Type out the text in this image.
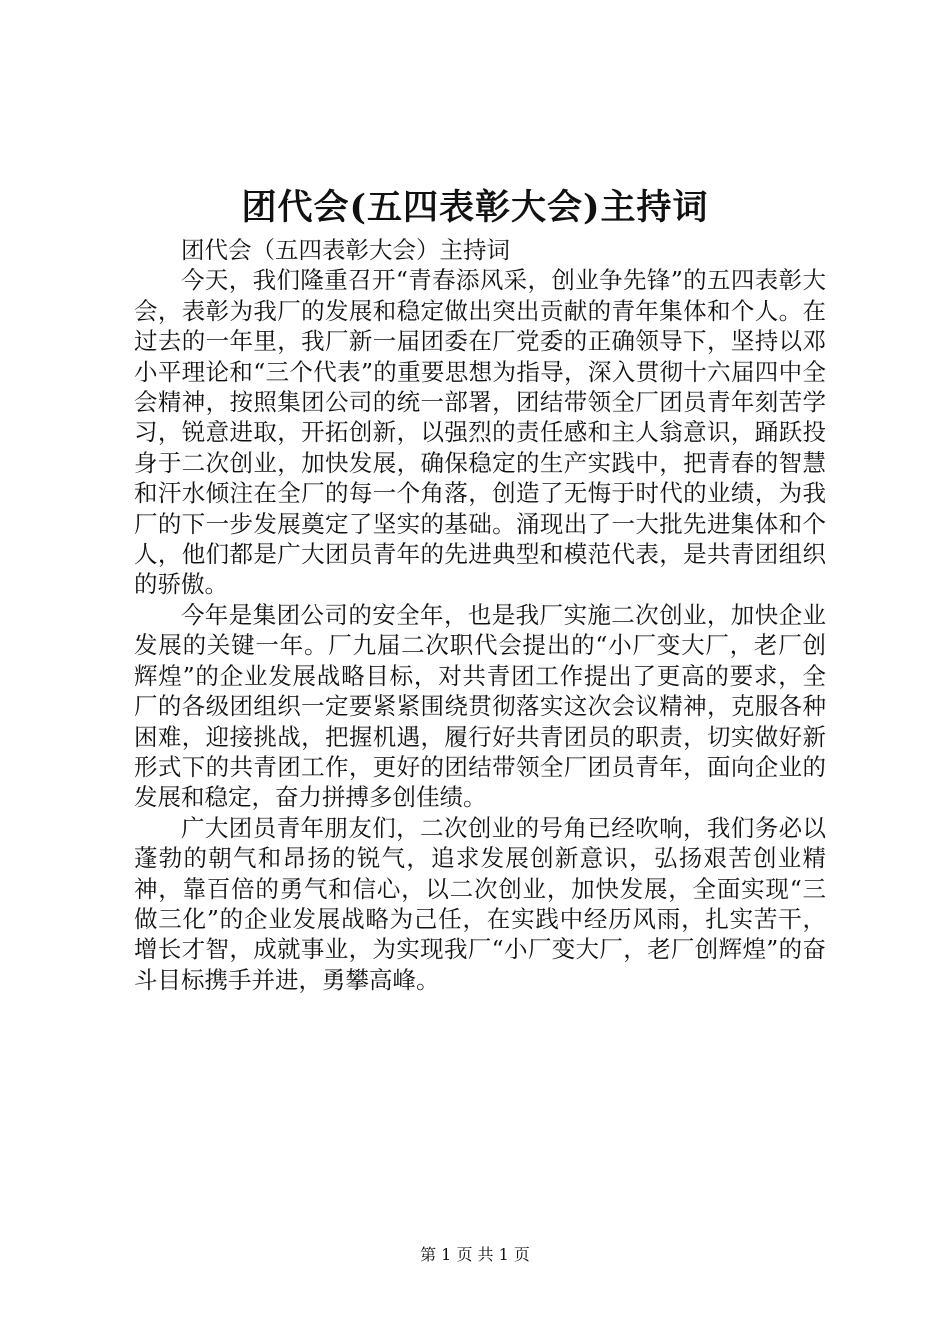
团代会(五四表彰大会)主持词

团代会（五四表彰大会）主持词

今天，我们隆重召开“青春添风采，创业争先锋”的五四表彰大会，表彰为我厂的发展和稳定做出突出贡献的青年集体和个人。在过去的一年里，我厂新一届团委在厂党委的正确领导下，坚持以邓小平理论和“三个代表”的重要思想为指导，深入贯彻十六届四中全会精神，按照集团公司的统一部署，团结带领全厂团员青年刻苦学习，锐意进取，开拓创新，以强烈的责任感和主人翁意识，踊跃投身于二次创业，加快发展，确保稳定的生产实践中，把青春的智慧和汗水倾注在全厂的每一个角落，创造了无悔于时代的业绩，为我厂的下一步发展奠定了坚实的基础。涌现出了一大批先进集体和个人，他们都是广大团员青年的先进典型和模范代表，是共青团组织的骄傲。

今年是集团公司的安全年，也是我厂实施二次创业，加快企业发展的关键一年。厂九届二次职代会提出的“小厂变大厂，老厂创辉煌”的企业发展战略目标，对共青团工作提出了更高的要求，全厂的各级团组织一定要紧紧围绕贯彻落实这次会议精神，克服各种困难，迎接挑战，把握机遇，履行好共青团员的职责，切实做好新形式下的共青团工作，更好的团结带领全厂团员青年，面向企业的发展和稳定，奋力拼搏多创佳绩。

广大团员青年朋友们，二次创业的号角已经吹响，我们务必以蓬勃的朝气和昂扬的锐气，追求发展创新意识，弘扬艰苦创业精神，靠百倍的勇气和信心，以二次创业，加快发展，全面实现“三做三化”的企业发展战略为己任，在实践中经历风雨，扎实苦干，增长才智，成就事业，为实现我厂“小厂变大厂，老厂创辉煌”的奋斗目标携手并进，勇攀高峰。

第 1 页 共 1 页
